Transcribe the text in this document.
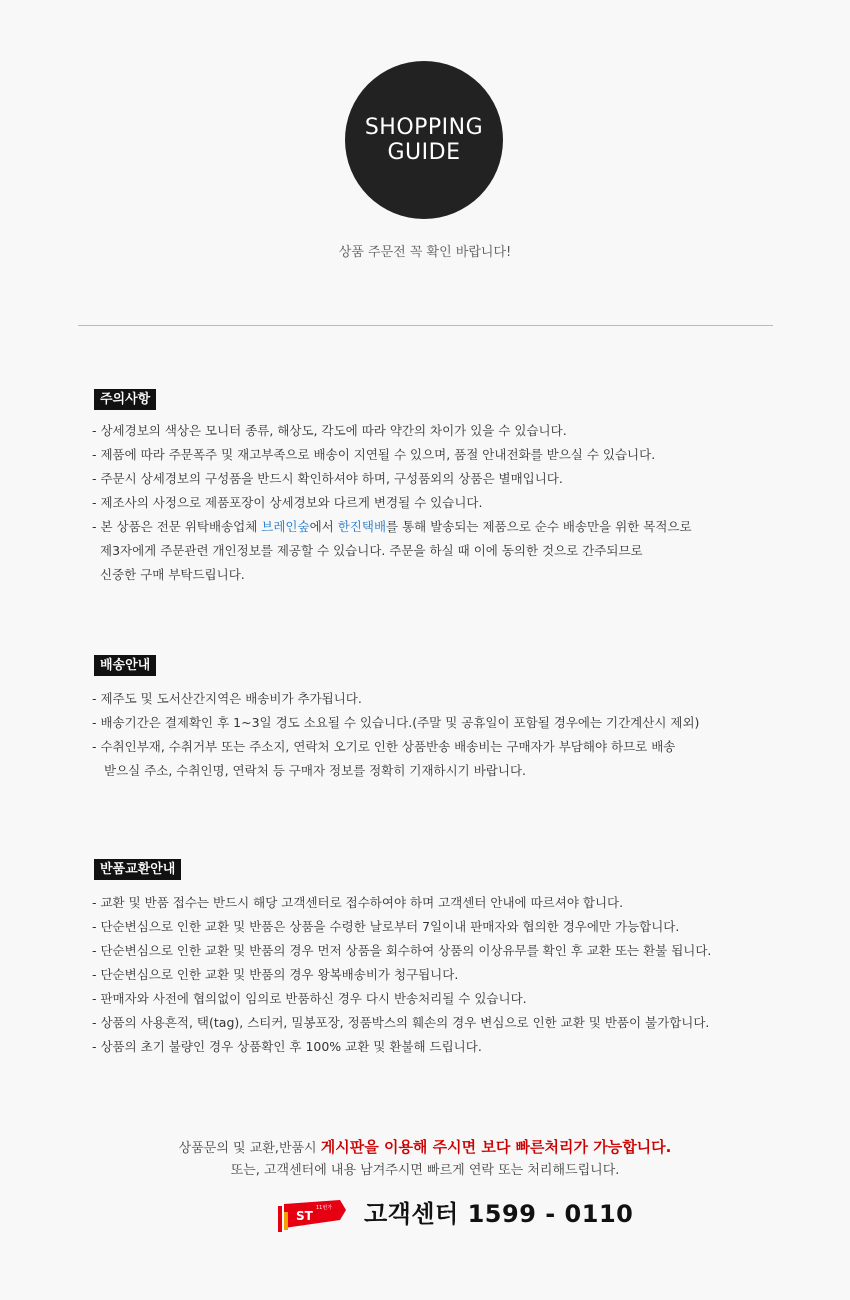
SHOPPING
GUIDE
상품 주문전 꼭 확인 바랍니다!
주의사항
- 상세경보의 색상은 모니터 종류, 해상도, 각도에 따라 약간의 차이가 있을 수 있습니다.
- 제품에 따라 주문폭주 및 재고부족으로 배송이 지연될 수 있으며, 품절 안내전화를 받으실 수 있습니다.
- 주문시 상세경보의 구성품을 반드시 확인하셔야 하며, 구성품외의 상품은 별매입니다.
- 제조사의 사정으로 제품포장이 상세경보와 다르게 변경될 수 있습니다.
- 본 상품은 전문 위탁배송업체 브레인숲에서 한진택배를 통해 발송되는 제품으로 순수 배송만을 위한 목적으로
제3자에게 주문관련 개인정보를 제공할 수 있습니다. 주문을 하실 때 이에 동의한 것으로 간주되므로
신중한 구매 부탁드립니다.
배송안내
- 제주도 및 도서산간지역은 배송비가 추가됩니다.
- 배송기간은 결제확인 후 1~3일 경도 소요될 수 있습니다.(주말 및 공휴일이 포함될 경우에는 기간계산시 제외)
- 수취인부재, 수취거부 또는 주소지, 연락처 오기로 인한 상품반송 배송비는 구매자가 부담해야 하므로 배송
받으실 주소, 수취인명, 연락처 등 구매자 정보를 정확히 기재하시기 바랍니다.
반품교환안내
- 교환 및 반품 접수는 반드시 해당 고객센터로 접수하여야 하며 고객센터 안내에 따르셔야 합니다.
- 단순변심으로 인한 교환 및 반품은 상품을 수령한 날로부터 7일이내 판매자와 협의한 경우에만 가능합니다.
- 단순변심으로 인한 교환 및 반품의 경우 먼저 상품을 회수하여 상품의 이상유무를 확인 후 교환 또는 환불 됩니다.
- 단순변심으로 인한 교환 및 반품의 경우 왕복배송비가 청구됩니다.
- 판매자와 사전에 협의없이 임의로 반품하신 경우 다시 반송처리될 수 있습니다.
- 상품의 사용흔적, 택(tag), 스티커, 밀봉포장, 정품박스의 훼손의 경우 변심으로 인한 교환 및 반품이 불가합니다.
- 상품의 초기 불량인 경우 상품확인 후 100% 교환 및 환불해 드립니다.
상품문의 및 교환,반품시 게시판을 이용해 주시면 보다 빠른처리가 가능합니다.
또는, 고객센터에 내용 남겨주시면 빠르게 연락 또는 처리해드립니다.
ST
11번가 고객센터 1599 - 0110
